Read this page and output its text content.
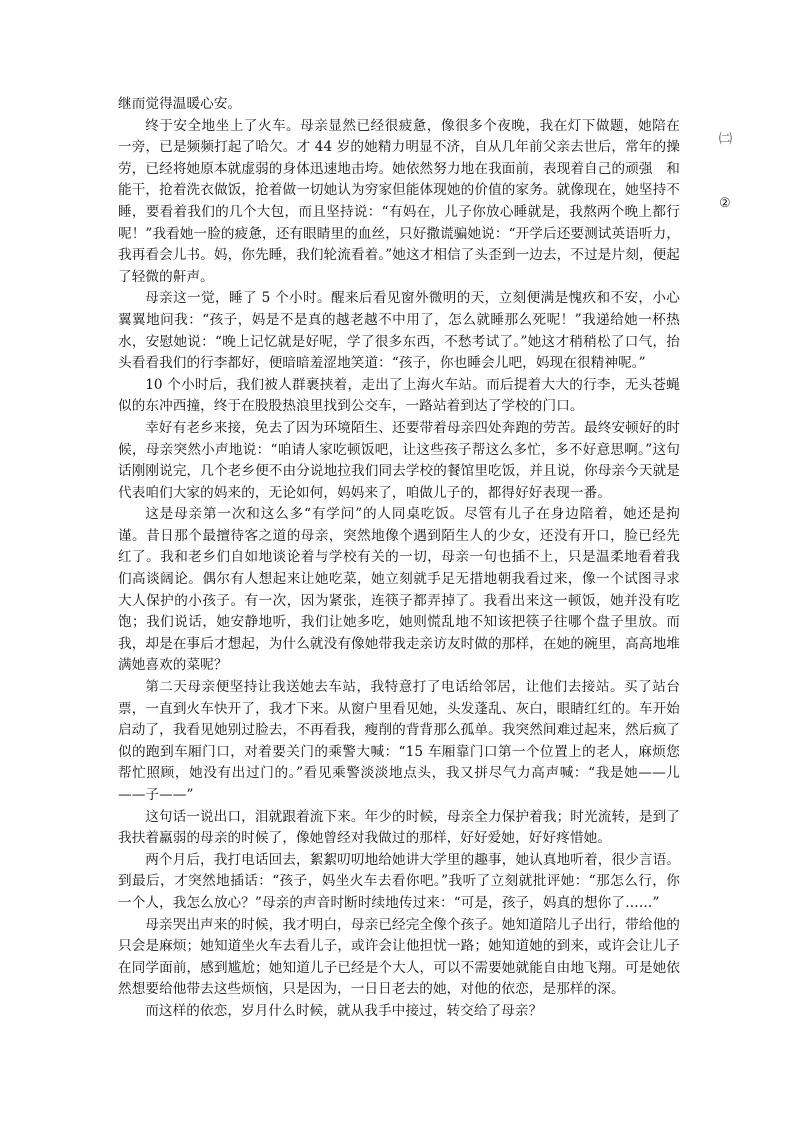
㈡
②

继而觉得温暖心安。

终于安全地坐上了火车。母亲显然已经很疲惫，像很多个夜晚，我在灯下做题，她陪在　一旁，已是频频打起了哈欠。才 44 岁的她精力明显不济，自从几年前父亲去世后，常年的操劳，已经将她原本就虚弱的身体迅速地击垮。她依然努力地在我面前，表现着自己的顽强　和能干，抢着洗衣做饭，抢着做一切她认为穷家但能体现她的价值的家务。就像现在，她坚持不睡，要看着我们的几个大包，而且坚持说：“有妈在，儿子你放心睡就是，我熬两个晚上都行呢！”我看她一脸的疲惫，还有眼睛里的血丝，只好撒谎骗她说：“开学后还要测试英语听力，我再看会儿书。妈，你先睡，我们轮流看着。”她这才相信了头歪到一边去，不过是片刻，便起了轻微的鼾声。

母亲这一觉，睡了 5 个小时。醒来后看见窗外微明的天，立刻便满是愧疚和不安，小心翼翼地问我：“孩子，妈是不是真的越老越不中用了，怎么就睡那么死呢！”我递给她一杯热水，安慰她说：“晚上记忆就是好呢，学了很多东西，不愁考试了。”她这才稍稍松了口气，抬头看看我们的行李都好，便暗暗羞涩地笑道：“孩子，你也睡会儿吧，妈现在很精神呢。”

10 个小时后，我们被人群裹挟着，走出了上海火车站。而后提着大大的行李，无头苍蝇似的东冲西撞，终于在股股热浪里找到公交车，一路站着到达了学校的门口。

幸好有老乡来接，免去了因为环境陌生、还要带着母亲四处奔跑的劳苦。最终安顿好的时候，母亲突然小声地说：“咱请人家吃顿饭吧，让这些孩子帮这么多忙，多不好意思啊。”这句话刚刚说完，几个老乡便不由分说地拉我们同去学校的餐馆里吃饭，并且说，你母亲今天就是代表咱们大家的妈来的，无论如何，妈妈来了，咱做儿子的，都得好好表现一番。

这是母亲第一次和这么多“有学问”的人同桌吃饭。尽管有儿子在身边陪着，她还是拘　谨。昔日那个最擅待客之道的母亲，突然地像个遇到陌生人的少女，还没有开口，脸已经先　红了。我和老乡们自如地谈论着与学校有关的一切，母亲一句也插不上，只是温柔地看着我　们高谈阔论。偶尔有人想起来让她吃菜，她立刻就手足无措地朝我看过来，像一个试图寻求　大人保护的小孩子。有一次，因为紧张，连筷子都弄掉了。我看出来这一顿饭，她并没有吃　饱；我们说话，她安静地听，我们让她多吃，她则慌乱地不知该把筷子往哪个盘子里放。而　我，却是在事后才想起，为什么就没有像她带我走亲访友时做的那样，在她的碗里，高高地堆满她喜欢的菜呢？

第二天母亲便坚持让我送她去车站，我特意打了电话给邻居，让他们去接站。买了站台　票，一直到火车快开了，我才下来。从窗户里看见她，头发蓬乱、灰白，眼睛红红的。车开始启动了，我看见她别过脸去，不再看我，瘦削的背背那么孤单。我突然间难过起来，然后疯了似的跑到车厢门口，对着要关门的乘警大喊：“15 车厢靠门口第一个位置上的老人，麻烦您帮忙照顾，她没有出过门的。”看见乘警淡淡地点头，我又拼尽气力高声喊：“我是她——儿——子——”

这句话一说出口，泪就跟着流下来。年少的时候，母亲全力保护着我；时光流转，是到了我扶着羸弱的母亲的时候了，像她曾经对我做过的那样，好好爱她，好好疼惜她。

两个月后，我打电话回去，絮絮叨叨地给她讲大学里的趣事，她认真地听着，很少言语。到最后，才突然地插话：“孩子，妈坐火车去看你吧。”我听了立刻就批评她：“那怎么行，你一个人，我怎么放心？”母亲的声音时断时续地传过来：“可是，孩子，妈真的想你了……”

母亲哭出声来的时候，我才明白，母亲已经完全像个孩子。她知道陪儿子出行，带给他的只会是麻烦；她知道坐火车去看儿子，或许会让他担忧一路；她知道她的到来，或许会让儿子在同学面前，感到尴尬；她知道儿子已经是个大人，可以不需要她就能自由地飞翔。可是她依然想要给他带去这些烦恼，只是因为，一日日老去的她，对他的依恋，是那样的深。

而这样的依恋，岁月什么时候，就从我手中接过，转交给了母亲？
